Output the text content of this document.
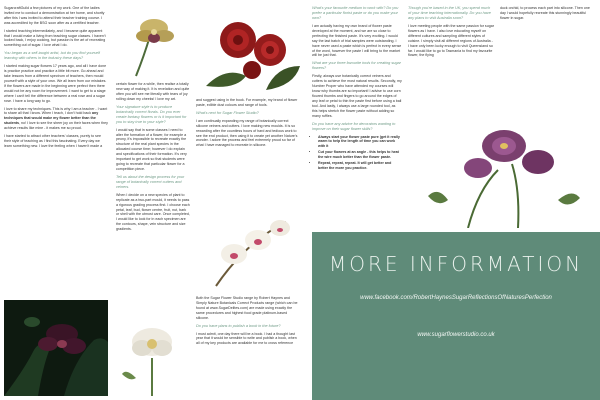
SugarcraftGuild a few pictures of my work. One of the ladies invited me to conduct a demonstration at her home, and shortly after this I was invited to attend their teacher training course. I was accredited by the BSG soon after as a certified teacher.

I started teaching intermediately, and I became quite apparent that I would make a living from teaching sugar classes. I haven't looked back, I enjoy cooking, but passion is the art of recreating something out of sugar. I love what I do.

You began as a self-taught artist, but do you find yourself learning with others in the industry these days?

I started making sugar flowers 17 years ago, and all I have done is practice practice and practice a little bit more. Go ahead and take lessons from a different spectrum of teachers, then mould yourself with a style of your own. We all learn from our mistakes. If the flowers are made in the beginning were perfect then there would not be any room for improvement. I want to get to a stage where I can't tell the difference between a real rose and a sugar rose. I have a long way to go.

I love to share my techniques. This is why I am a teacher - I want to share all that I know. When I teach, I don't hold back any techniques that would make my flower better than the students, no! I love to see the sheer joy on their faces when they achieve results like mine - it makes me so proud.

I have started to attract other teachers' classes, purely to see their style of teaching as I find this fascinating. Every day we learn something new. I love the feeling when I haven't made a

certain flower for a while, then realise a totally new way of making it. It is revelation and quite often you will see me literally with tears of joy rolling down my cheeks! I love my art.

Your signature style is to produce botanically correct florals. Do you ever create fantasy flowers or is it important for you to stay true to your style?

I would say that in some classes I need to alter the formation of a flower, for example a peony, it's impossible to recreate exactly the structure of the real plant species in the allocated course time; however I do explain and specifications of their formation. It's very important to get work so that students were going to recreate that particular flower for a competition piece.

Tell us about the design process for your range of botanically correct cutters and veiners.

When I decide on a new species of plant to replicate as a two-part mould, it needs to pass a rigorous grading process first. I choose each petal, leaf, bud, flower centre, fruit, nut, bark or shell with the utmost care. Once completed, I would like to look for in each specimen are the contours, shape, vein structure and size gradients.

and suggest using in the book. For example, my brand of flower paste, edible dust colours and range of tools.

What's next for Sugar Flower Studio?

I am continually expanding my range of botanically correct silicone veiners and cutters. I love making new moulds. It is so rewarding after the countless hours of hard and tedious work to see the end product, then using it to create yet another Nature's wonder. I adore the process and feel extremely proud so far of what I have managed to recreate in silicone.

Both the Sugar Flower Studio range by Robert Haynes and Simply Nature Botanicals Correct Products range (which can be found at www.SugarDelites.com) are made using exactly the same procedures and highest food grade platinum-based silicone.

Do you have plans to publish a book in the future?

I must admit, one day there will be a book. I had a thought last year that it would be sensible to write and publish a book, when all of my key products are available for me to cross reference

What's your favourite medium to work with? Do you prefer a particular florist paste or do you make your own?

I am actually having my own brand of flower paste developed at the moment, and we are so close to perfecting the finished paste. It's very exciting. I would say the last batch of trial samples were outstanding. I have never used a paste which is perfect in every sense of the word, however the paste I will bring to the market will be just that.

What are your three favourite tools for creating sugar flowers?

Firstly, always use botanically correct veiners and cutters to achieve the most natural results. Secondly, my Number Proper who have attended my courses will know why thumbs are so important! I advise to use corn floured thumbs and fingers to go around the edges of any leaf or petal to thin the paste first before using a ball tool. And lastly, I always use a large rounded tool, as this helps stretch the flower paste without adding so many ruffles.

Do you have any advice for decorators wanting to improve on their sugar flower skills?

• Always start your flower paste pure (get it really warm to help the length of time you can work with it
• Cut your flowers at an angle - this helps to heat the wire much better than the flower paste.
• Repeat, repeat, repeat. It will get better and better the more you practice.

Though you're based in the UK, you spend much of your time teaching internationally. Do you have any plans to visit Australia soon?

I love meeting people with the same passion for sugar flowers as I have. I also love educating myself on different cultures and sampling different styles of cuisine. I simply visit all different regions of Australia - I have only been lucky enough to visit Queensland so far. I would like to go to Tasmania to find my favourite flower, the flying

duck orchid, to process each part into silicone. Then one day I would hopefully recreate this stunningly beautiful flower in sugar.

MORE INFORMATION
www.facebook.com/RobertHaynesSugarReflectionsOfNaturesPerfection
www.sugarflowerstudio.co.uk
